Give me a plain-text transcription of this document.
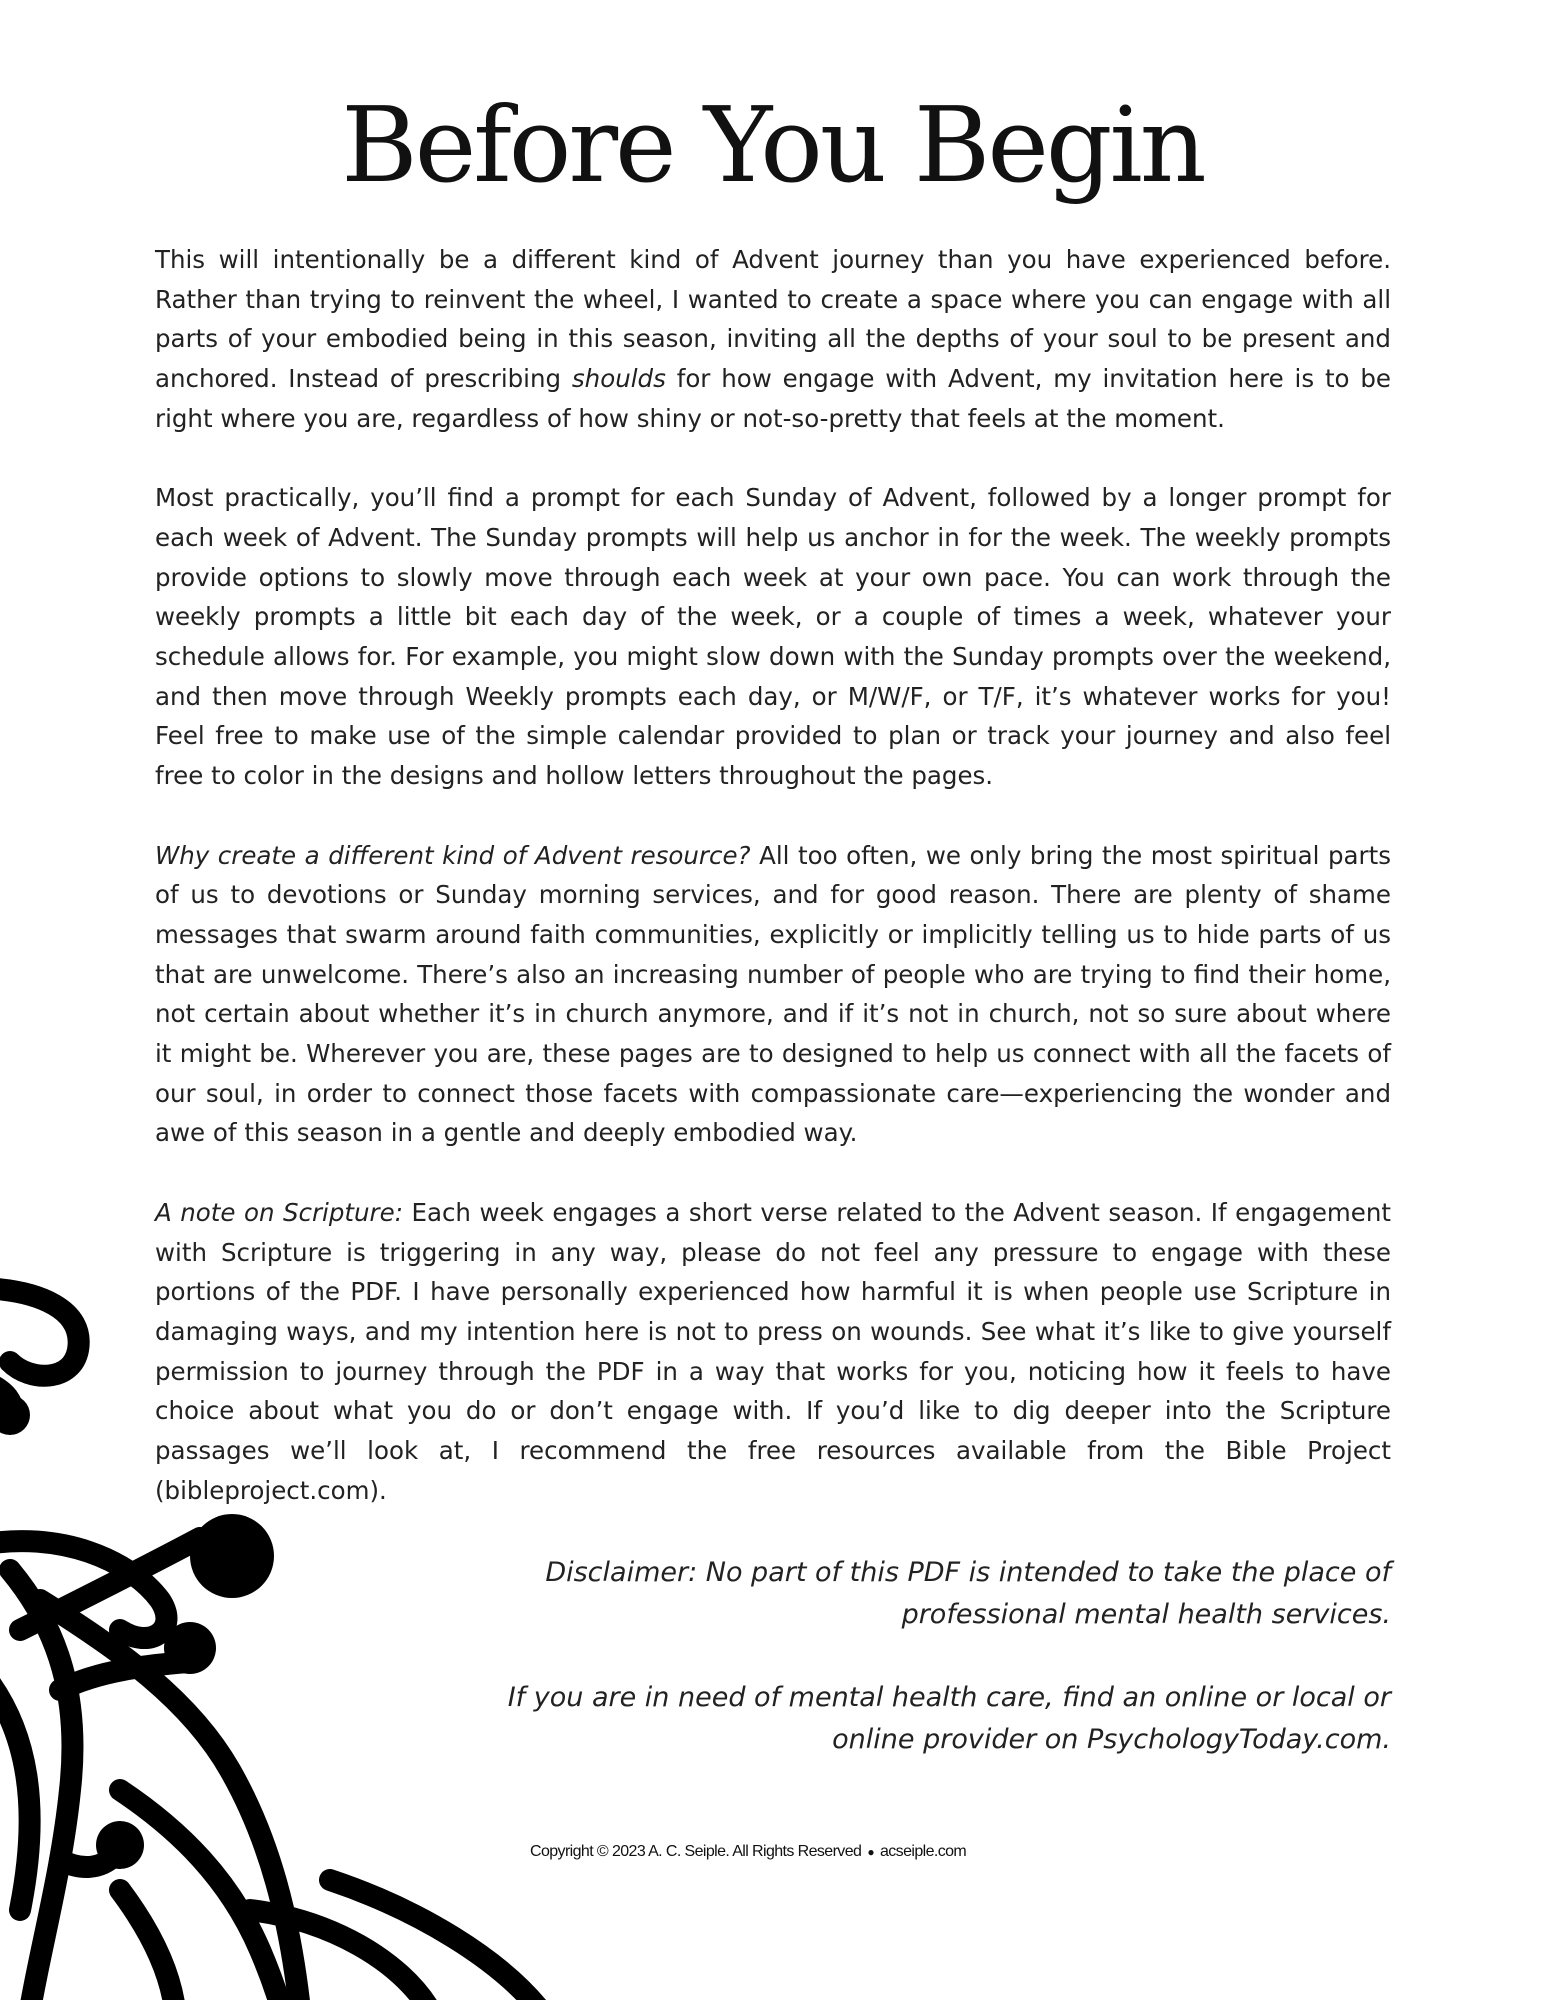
Before You Begin

This will intentionally be a different kind of Advent journey than you have experienced before. Rather than trying to reinvent the wheel, I wanted to create a space where you can engage with all parts of your embodied being in this season, inviting all the depths of your soul to be present and anchored. Instead of prescribing shoulds for how engage with Advent, my invitation here is to be right where you are, regardless of how shiny or not-so-pretty that feels at the moment.

Most practically, you’ll find a prompt for each Sunday of Advent, followed by a longer prompt for each week of Advent. The Sunday prompts will help us anchor in for the week. The weekly prompts provide options to slowly move through each week at your own pace. You can work through the weekly prompts a little bit each day of the week, or a couple of times a week, whatever your schedule allows for. For example, you might slow down with the Sunday prompts over the weekend, and then move through Weekly prompts each day, or M/W/F, or T/F, it’s whatever works for you! Feel free to make use of the simple calendar provided to plan or track your journey and also feel free to color in the designs and hollow letters throughout the pages.

Why create a different kind of Advent resource? All too often, we only bring the most spiritual parts of us to devotions or Sunday morning services, and for good reason. There are plenty of shame messages that swarm around faith communities, explicitly or implicitly telling us to hide parts of us that are unwelcome. There’s also an increasing number of people who are trying to find their home, not certain about whether it’s in church anymore, and if it’s not in church, not so sure about where it might be. Wherever you are, these pages are to designed to help us connect with all the facets of our soul, in order to connect those facets with compassionate care—experiencing the wonder and awe of this season in a gentle and deeply embodied way.

A note on Scripture: Each week engages a short verse related to the Advent season. If engagement with Scripture is triggering in any way, please do not feel any pressure to engage with these portions of the PDF. I have personally experienced how harmful it is when people use Scripture in damaging ways, and my intention here is not to press on wounds. See what it’s like to give yourself permission to journey through the PDF in a way that works for you, noticing how it feels to have choice about what you do or don’t engage with. If you’d like to dig deeper into the Scripture passages we’ll look at, I recommend the free resources available from the Bible Project (bibleproject.com).

Disclaimer: No part of this PDF is intended to take the place of professional mental health services.

If you are in need of mental health care, find an online or local or online provider on PsychologyToday.com.

Copyright © 2023 A. C. Seiple. All Rights Reserved ● acseiple.com
